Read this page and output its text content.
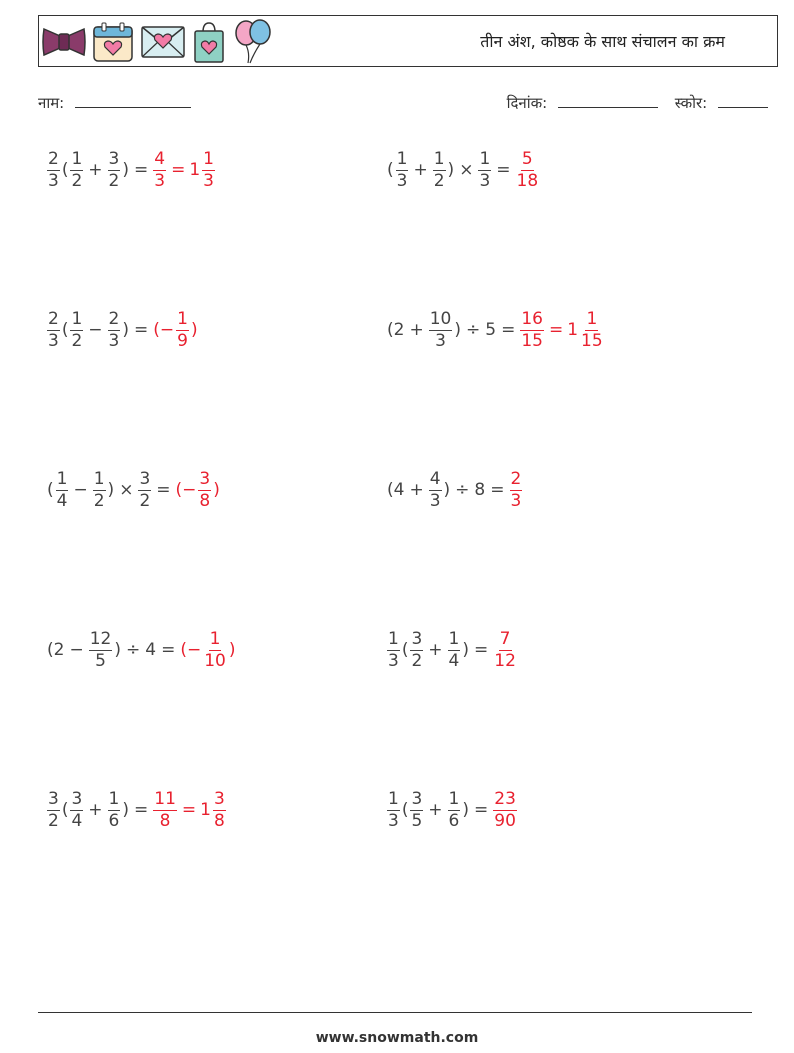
तीन अंश, कोष्ठक के साथ संचालन का क्रम
नाम:	दिनांक:	स्कोर:
$\frac{2}{3}$ ( $\frac{1}{2} + \frac{3}{2}$ ) = $\frac{4}{3} = 1 \frac{1}{3}$	( $\frac{1}{3} + \frac{1}{2}$ ) × $\frac{1}{3} = \frac{5}{18}$
$\frac{2}{3}$ ( $\frac{1}{2} - \frac{2}{3}$ ) = (− $\frac{1}{9}$ )	($2 + \frac{10}{3}$ ) ÷ $5 = \frac{16}{15} = 1 \frac{1}{15}$
( $\frac{1}{4} - \frac{1}{2}$ ) × $\frac{3}{2}$ = (− $\frac{3}{8}$ )	($4 + \frac{4}{3}$ ) ÷ $8 = \frac{2}{3}$
($2 - \frac{12}{5}$ ) ÷ 4 = (− $\frac{1}{10}$ )	$\frac{1}{3}$ ( $\frac{3}{2} + \frac{1}{4}$ ) = $\frac{7}{12}$
$\frac{3}{2}$ ( $\frac{3}{4} + \frac{1}{6}$ ) = $\frac{11}{8} = 1 \frac{3}{8}$	$\frac{1}{3}$ ( $\frac{3}{5} + \frac{1}{6}$ ) = $\frac{23}{90}$
www.snowmath.com
